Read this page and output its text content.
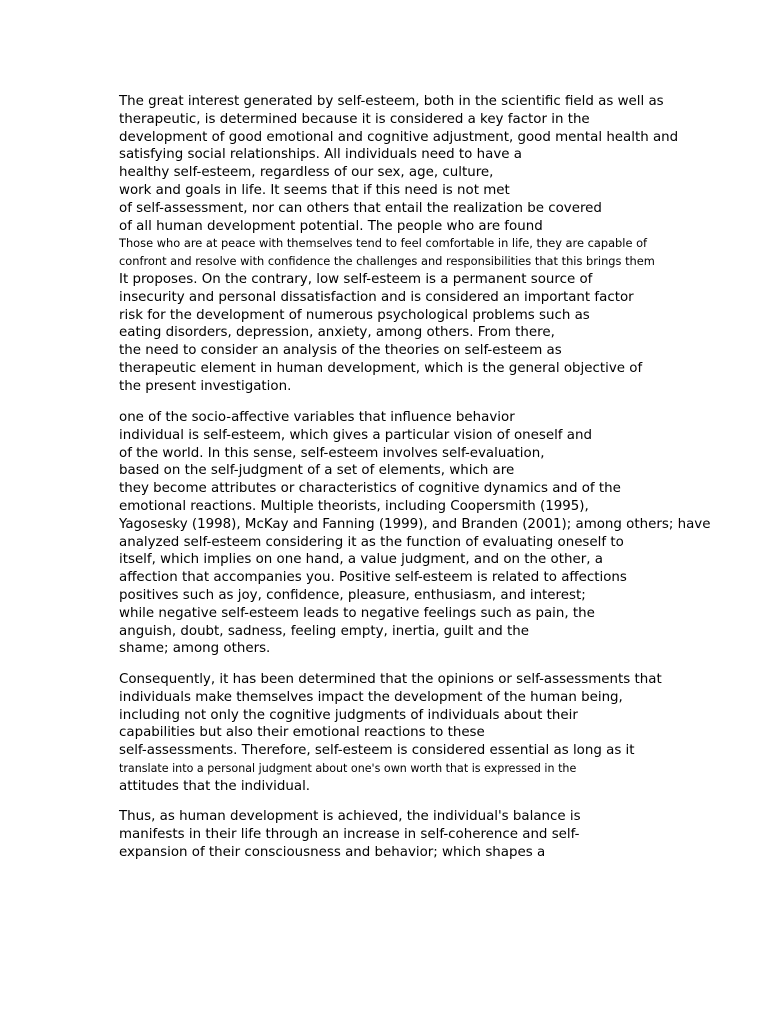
The great interest generated by self-esteem, both in the scientific field as well as
therapeutic, is determined because it is considered a key factor in the
development of good emotional and cognitive adjustment, good mental health and
satisfying social relationships. All individuals need to have a
healthy self-esteem, regardless of our sex, age, culture,
work and goals in life. It seems that if this need is not met
of self-assessment, nor can others that entail the realization be covered
of all human development potential. The people who are found
Those who are at peace with themselves tend to feel comfortable in life, they are capable of
confront and resolve with confidence the challenges and responsibilities that this brings them
It proposes. On the contrary, low self-esteem is a permanent source of
insecurity and personal dissatisfaction and is considered an important factor
risk for the development of numerous psychological problems such as
eating disorders, depression, anxiety, among others. From there,
the need to consider an analysis of the theories on self-esteem as
therapeutic element in human development, which is the general objective of
the present investigation.
one of the socio-affective variables that influence behavior
individual is self-esteem, which gives a particular vision of oneself and
of the world. In this sense, self-esteem involves self-evaluation,
based on the self-judgment of a set of elements, which are
they become attributes or characteristics of cognitive dynamics and of the
emotional reactions. Multiple theorists, including Coopersmith (1995),
Yagosesky (1998), McKay and Fanning (1999), and Branden (2001); among others; have
analyzed self-esteem considering it as the function of evaluating oneself to
itself, which implies on one hand, a value judgment, and on the other, a
affection that accompanies you. Positive self-esteem is related to affections
positives such as joy, confidence, pleasure, enthusiasm, and interest;
while negative self-esteem leads to negative feelings such as pain, the
anguish, doubt, sadness, feeling empty, inertia, guilt and the
shame; among others.
Consequently, it has been determined that the opinions or self-assessments that
individuals make themselves impact the development of the human being,
including not only the cognitive judgments of individuals about their
capabilities but also their emotional reactions to these
self-assessments. Therefore, self-esteem is considered essential as long as it
translate into a personal judgment about one's own worth that is expressed in the
attitudes that the individual.
Thus, as human development is achieved, the individual's balance is
manifests in their life through an increase in self-coherence and self-
expansion of their consciousness and behavior; which shapes a
